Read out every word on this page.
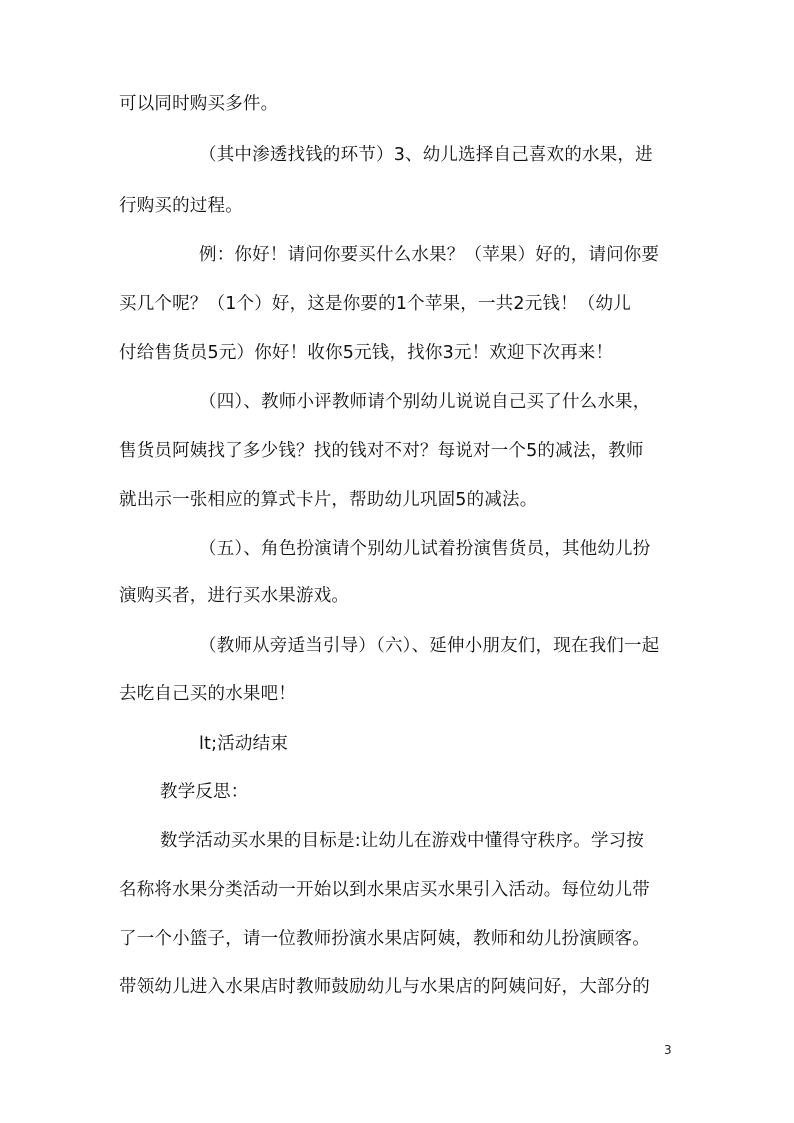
可以同时购买多件。
（其中渗透找钱的环节）3、幼儿选择自己喜欢的水果，进
行购买的过程。
例：你好！请问你要买什么水果？（苹果）好的，请问你要
买几个呢？（1个）好，这是你要的1个苹果，一共2元钱！（幼儿
付给售货员5元）你好！收你5元钱，找你3元！欢迎下次再来！
（四）、教师小评教师请个别幼儿说说自己买了什么水果，
售货员阿姨找了多少钱？找的钱对不对？每说对一个5的减法，教师
就出示一张相应的算式卡片，帮助幼儿巩固5的减法。
（五）、角色扮演请个别幼儿试着扮演售货员，其他幼儿扮
演购买者，进行买水果游戏。
（教师从旁适当引导）（六）、延伸小朋友们，现在我们一起
去吃自己买的水果吧！
lt;活动结束
教学反思：
数学活动买水果的目标是:让幼儿在游戏中懂得守秩序。学习按
名称将水果分类活动一开始以到水果店买水果引入活动。每位幼儿带
了一个小篮子，请一位教师扮演水果店阿姨，教师和幼儿扮演顾客。
带领幼儿进入水果店时教师鼓励幼儿与水果店的阿姨问好，大部分的
3
